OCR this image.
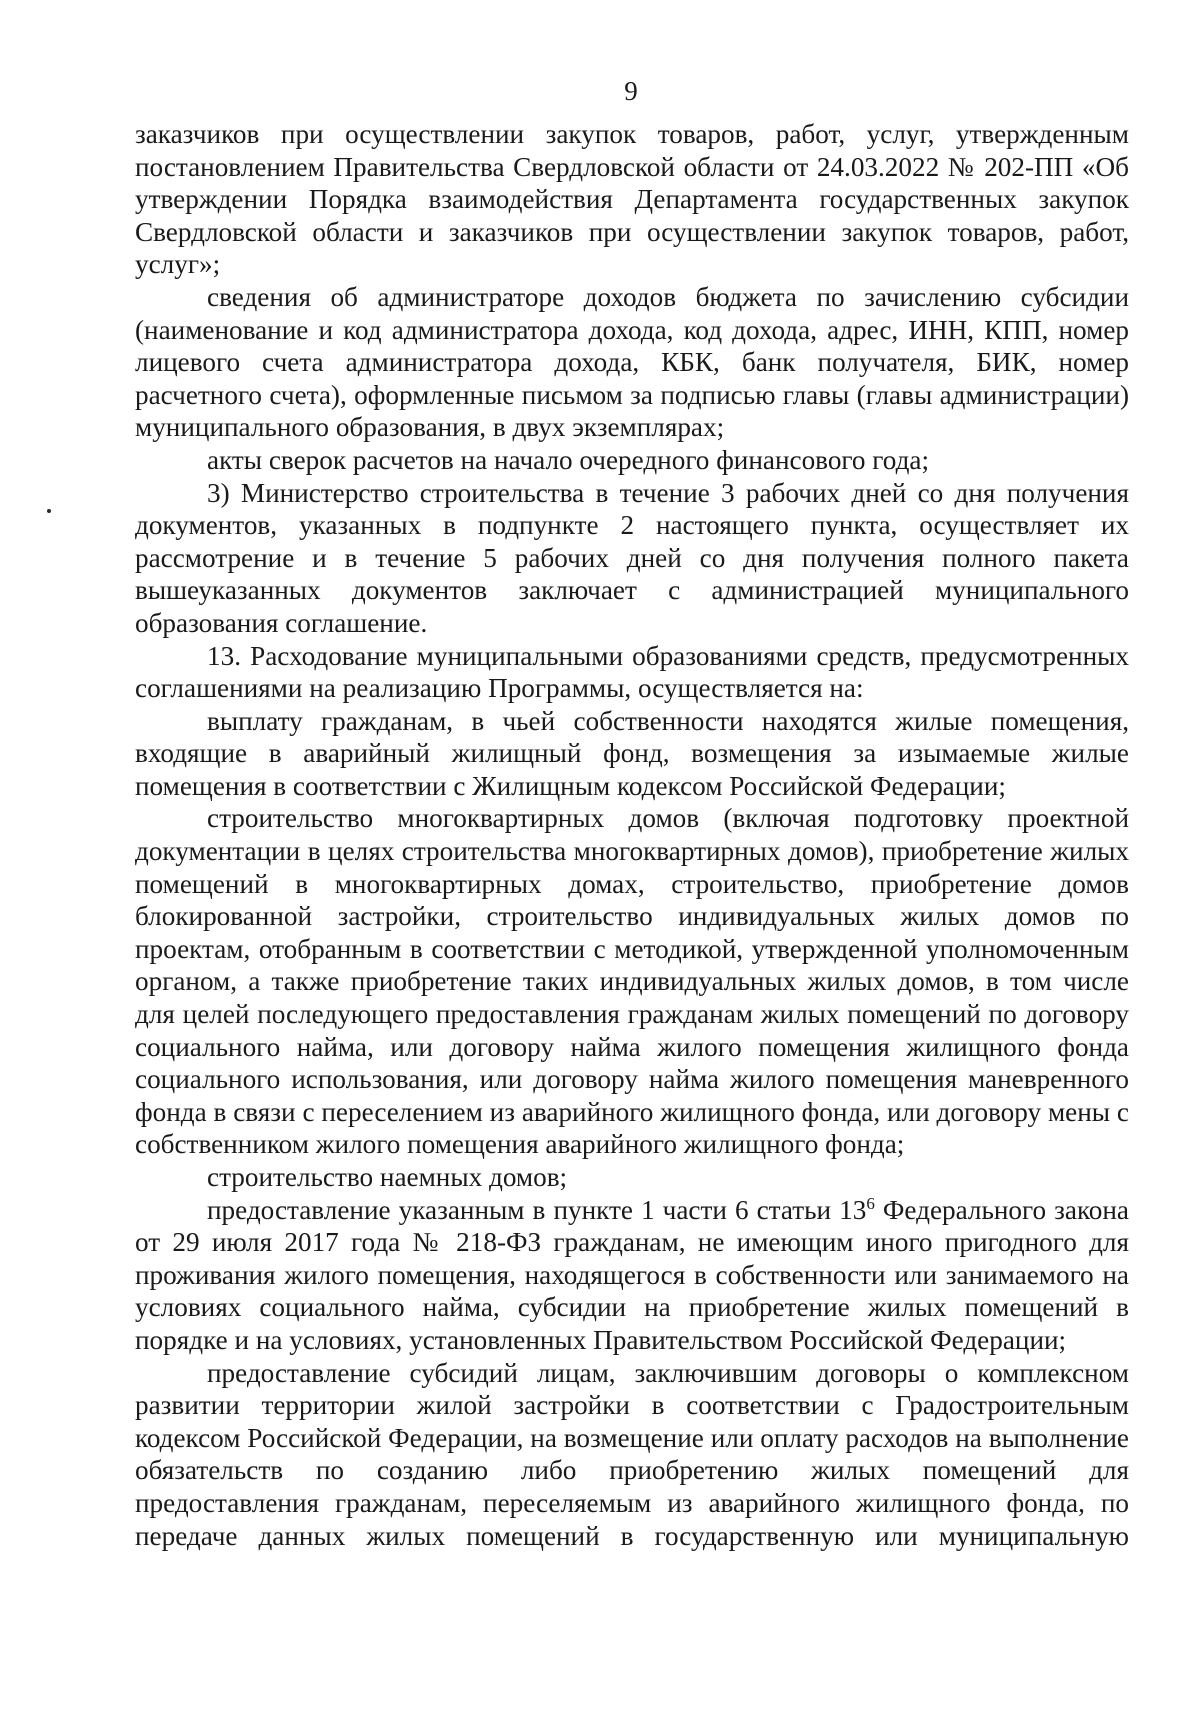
9

заказчиков при осуществлении закупок товаров, работ, услуг, утвержденным постановлением Правительства Свердловской области от 24.03.2022 № 202-ПП «Об утверждении Порядка взаимодействия Департамента государственных закупок Свердловской области и заказчиков при осуществлении закупок товаров, работ, услуг»;

сведения об администраторе доходов бюджета по зачислению субсидии (наименование и код администратора дохода, код дохода, адрес, ИНН, КПП, номер лицевого счета администратора дохода, КБК, банк получателя, БИК, номер расчетного счета), оформленные письмом за подписью главы (главы администрации) муниципального образования, в двух экземплярах;

акты сверок расчетов на начало очередного финансового года;

3) Министерство строительства в течение 3 рабочих дней со дня получения документов, указанных в подпункте 2 настоящего пункта, осуществляет их рассмотрение и в течение 5 рабочих дней со дня получения полного пакета вышеуказанных документов заключает с администрацией муниципального образования соглашение.

13. Расходование муниципальными образованиями средств, предусмотренных соглашениями на реализацию Программы, осуществляется на:

выплату гражданам, в чьей собственности находятся жилые помещения, входящие в аварийный жилищный фонд, возмещения за изымаемые жилые помещения в соответствии с Жилищным кодексом Российской Федерации;

строительство многоквартирных домов (включая подготовку проектной документации в целях строительства многоквартирных домов), приобретение жилых помещений в многоквартирных домах, строительство, приобретение домов блокированной застройки, строительство индивидуальных жилых домов по проектам, отобранным в соответствии с методикой, утвержденной уполномоченным органом, а также приобретение таких индивидуальных жилых домов, в том числе для целей последующего предоставления гражданам жилых помещений по договору социального найма, или договору найма жилого помещения жилищного фонда социального использования, или договору найма жилого помещения маневренного фонда в связи с переселением из аварийного жилищного фонда, или договору мены с собственником жилого помещения аварийного жилищного фонда;

строительство наемных домов;

предоставление указанным в пункте 1 части 6 статьи $13^6$ Федерального закона от 29 июля 2017 года № 218-ФЗ гражданам, не имеющим иного пригодного для проживания жилого помещения, находящегося в собственности или занимаемого на условиях социального найма, субсидии на приобретение жилых помещений в порядке и на условиях, установленных Правительством Российской Федерации;

предоставление субсидий лицам, заключившим договоры о комплексном развитии территории жилой застройки в соответствии с Градостроительным кодексом Российской Федерации, на возмещение или оплату расходов на выполнение обязательств по созданию либо приобретению жилых помещений для предоставления гражданам, переселяемым из аварийного жилищного фонда, по передаче данных жилых помещений в государственную или муниципальную
